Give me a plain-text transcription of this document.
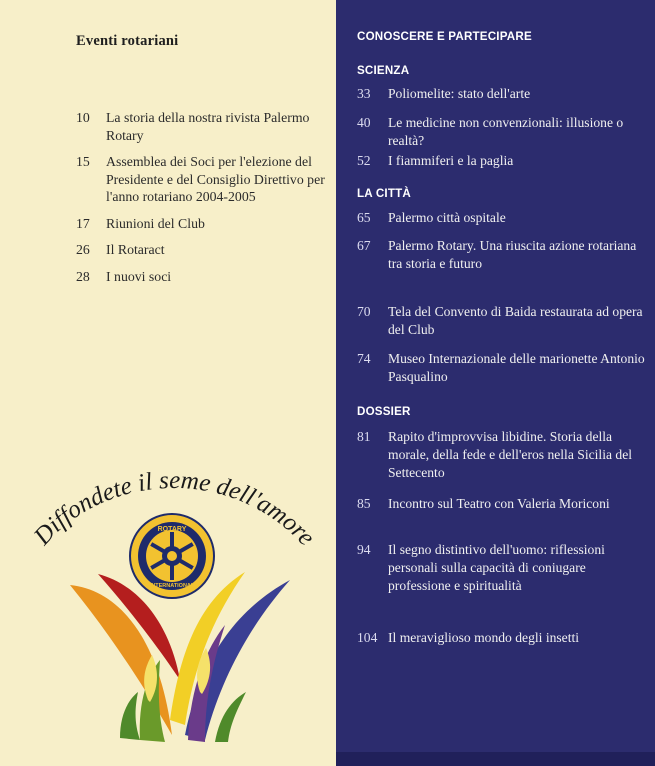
Eventi rotariani
10	La storia della nostra rivista Palermo Rotary
15	Assemblea dei Soci per l'elezione del Presidente e del Consiglio Direttivo per l'anno rotariano 2004-2005
17	Riunioni del Club
26	Il Rotaract
28	I nuovi soci
Diffondete il seme dell'amore
ROTARY
INTERNATIONAL
CONOSCERE E PARTECIPARE
SCIENZA
33	Poliomelite: stato dell'arte
40	Le medicine non convenzionali: illusione o realtà?
52	I fiammiferi e la paglia
LA CITTÀ
65	Palermo città ospitale
67	Palermo Rotary. Una riuscita azione rotariana tra storia e futuro
70	Tela del Convento di Baida restaurata ad opera del Club
74	Museo Internazionale delle marionette Antonio Pasqualino
DOSSIER
81	Rapito d'improvvisa libidine. Storia della morale, della fede e dell'eros nella Sicilia del Settecento
85	Incontro sul Teatro con Valeria Moriconi
94	Il segno distintivo dell'uomo: riflessioni personali sulla capacità di coniugare professione e spiritualità
104 Il meraviglioso mondo degli insetti
